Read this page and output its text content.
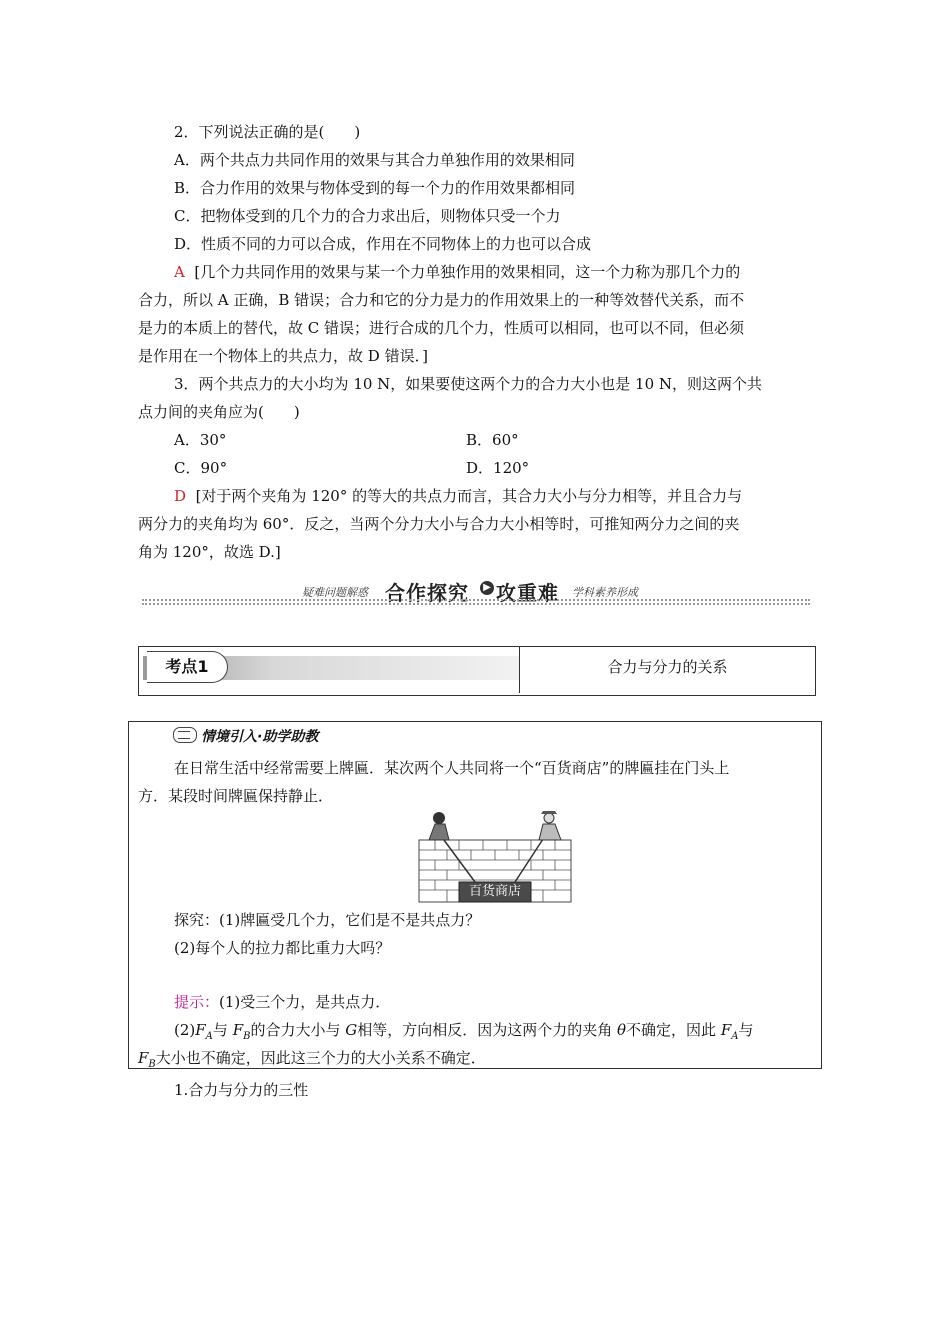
2．下列说法正确的是(　　)
A．两个共点力共同作用的效果与其合力单独作用的效果相同
B．合力作用的效果与物体受到的每一个力的作用效果都相同
C．把物体受到的几个力的合力求出后，则物体只受一个力
D．性质不同的力可以合成，作用在不同物体上的力也可以合成
A [几个力共同作用的效果与某一个力单独作用的效果相同，这一个力称为那几个力的
合力，所以 A 正确，B 错误；合力和它的分力是力的作用效果上的一种等效替代关系，而不
是力的本质上的替代，故 C 错误；进行合成的几个力，性质可以相同，也可以不同，但必须
是作用在一个物体上的共点力，故 D 错误．]
3．两个共点力的大小均为 10 N，如果要使这两个力的合力大小也是 10 N，则这两个共
点力间的夹角应为(　　)
A．30°	B．60°
C．90°	D．120°
D [对于两个夹角为 120° 的等大的共点力而言，其合力大小与分力相等，并且合力与
两分力的夹角均为 60°．反之，当两个分力大小与合力大小相等时，可推知两分力之间的夹
角为 120°，故选 D.]
疑难问题解惑 合作探究	▶ 攻重难 学科素养形成
考点1	合力与分力的关系
情境引入·助学助教
在日常生活中经常需要上牌匾．某次两个人共同将一个“百货商店”的牌匾挂在门头上
方．某段时间牌匾保持静止．
百货商店
探究：(1)牌匾受几个力，它们是不是共点力？
(2)每个人的拉力都比重力大吗？
提示：(1)受三个力，是共点力．
$(2)F_A$与 $F_B$的合力大小与 G相等，方向相反．因为这两个力的夹角 θ不确定，因此 $F_A$与
$F_B$大小也不确定，因此这三个力的大小关系不确定．
1.合力与分力的三性
